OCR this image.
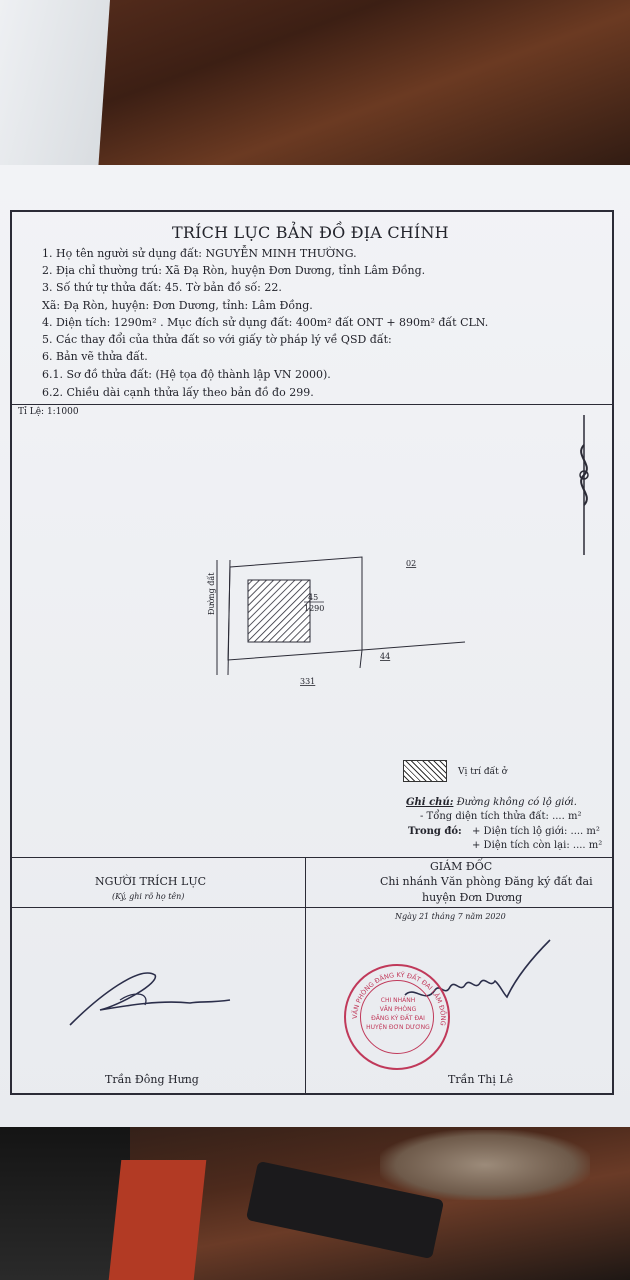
TRÍCH LỤC BẢN ĐỒ ĐỊA CHÍNH
1. Họ tên người sử dụng đất: NGUYỄN MINH THƯỜNG.
2. Địa chỉ thường trú: Xã Đạ Ròn, huyện Đơn Dương, tỉnh Lâm Đồng.
3. Số thứ tự thửa đất: 45. Tờ bản đồ số: 22.
Xã: Đạ Ròn, huyện: Đơn Dương, tỉnh: Lâm Đồng.
4. Diện tích: 1290m² . Mục đích sử dụng đất: 400m² đất ONT + 890m² đất CLN.
5. Các thay đổi của thửa đất so với giấy tờ pháp lý về QSD đất:
6. Bản vẽ thửa đất.
6.1. Sơ đồ thửa đất: (Hệ tọa độ thành lập VN 2000).
6.2. Chiều dài cạnh thửa lấy theo bản đồ đo 299.
Tỉ Lệ: 1:1000
Đường đất	45
1290
02
44
331
Vị trí đất ở
Ghi chú: Đường không có lộ giới.
- Tổng diện tích thửa đất: .... m²
Trong đó: + Diện tích lộ giới: .... m²
+ Diện tích còn lại: .... m²
NGƯỜI TRÍCH LỤC
(Ký, ghi rõ họ tên)
GIÁM ĐỐC
Chi nhánh Văn phòng Đăng ký đất đai
huyện Đơn Dương
Ngày 21 tháng 7 năm 2020
VĂN PHÒNG ĐĂNG KÝ ĐẤT ĐAI LÂM ĐỒNG
CHI NHÁNH
VĂN PHÒNG
ĐĂNG KÝ ĐẤT ĐAI
HUYỆN ĐƠN DƯƠNG
Trần Đông Hưng	Trần Thị Lê
